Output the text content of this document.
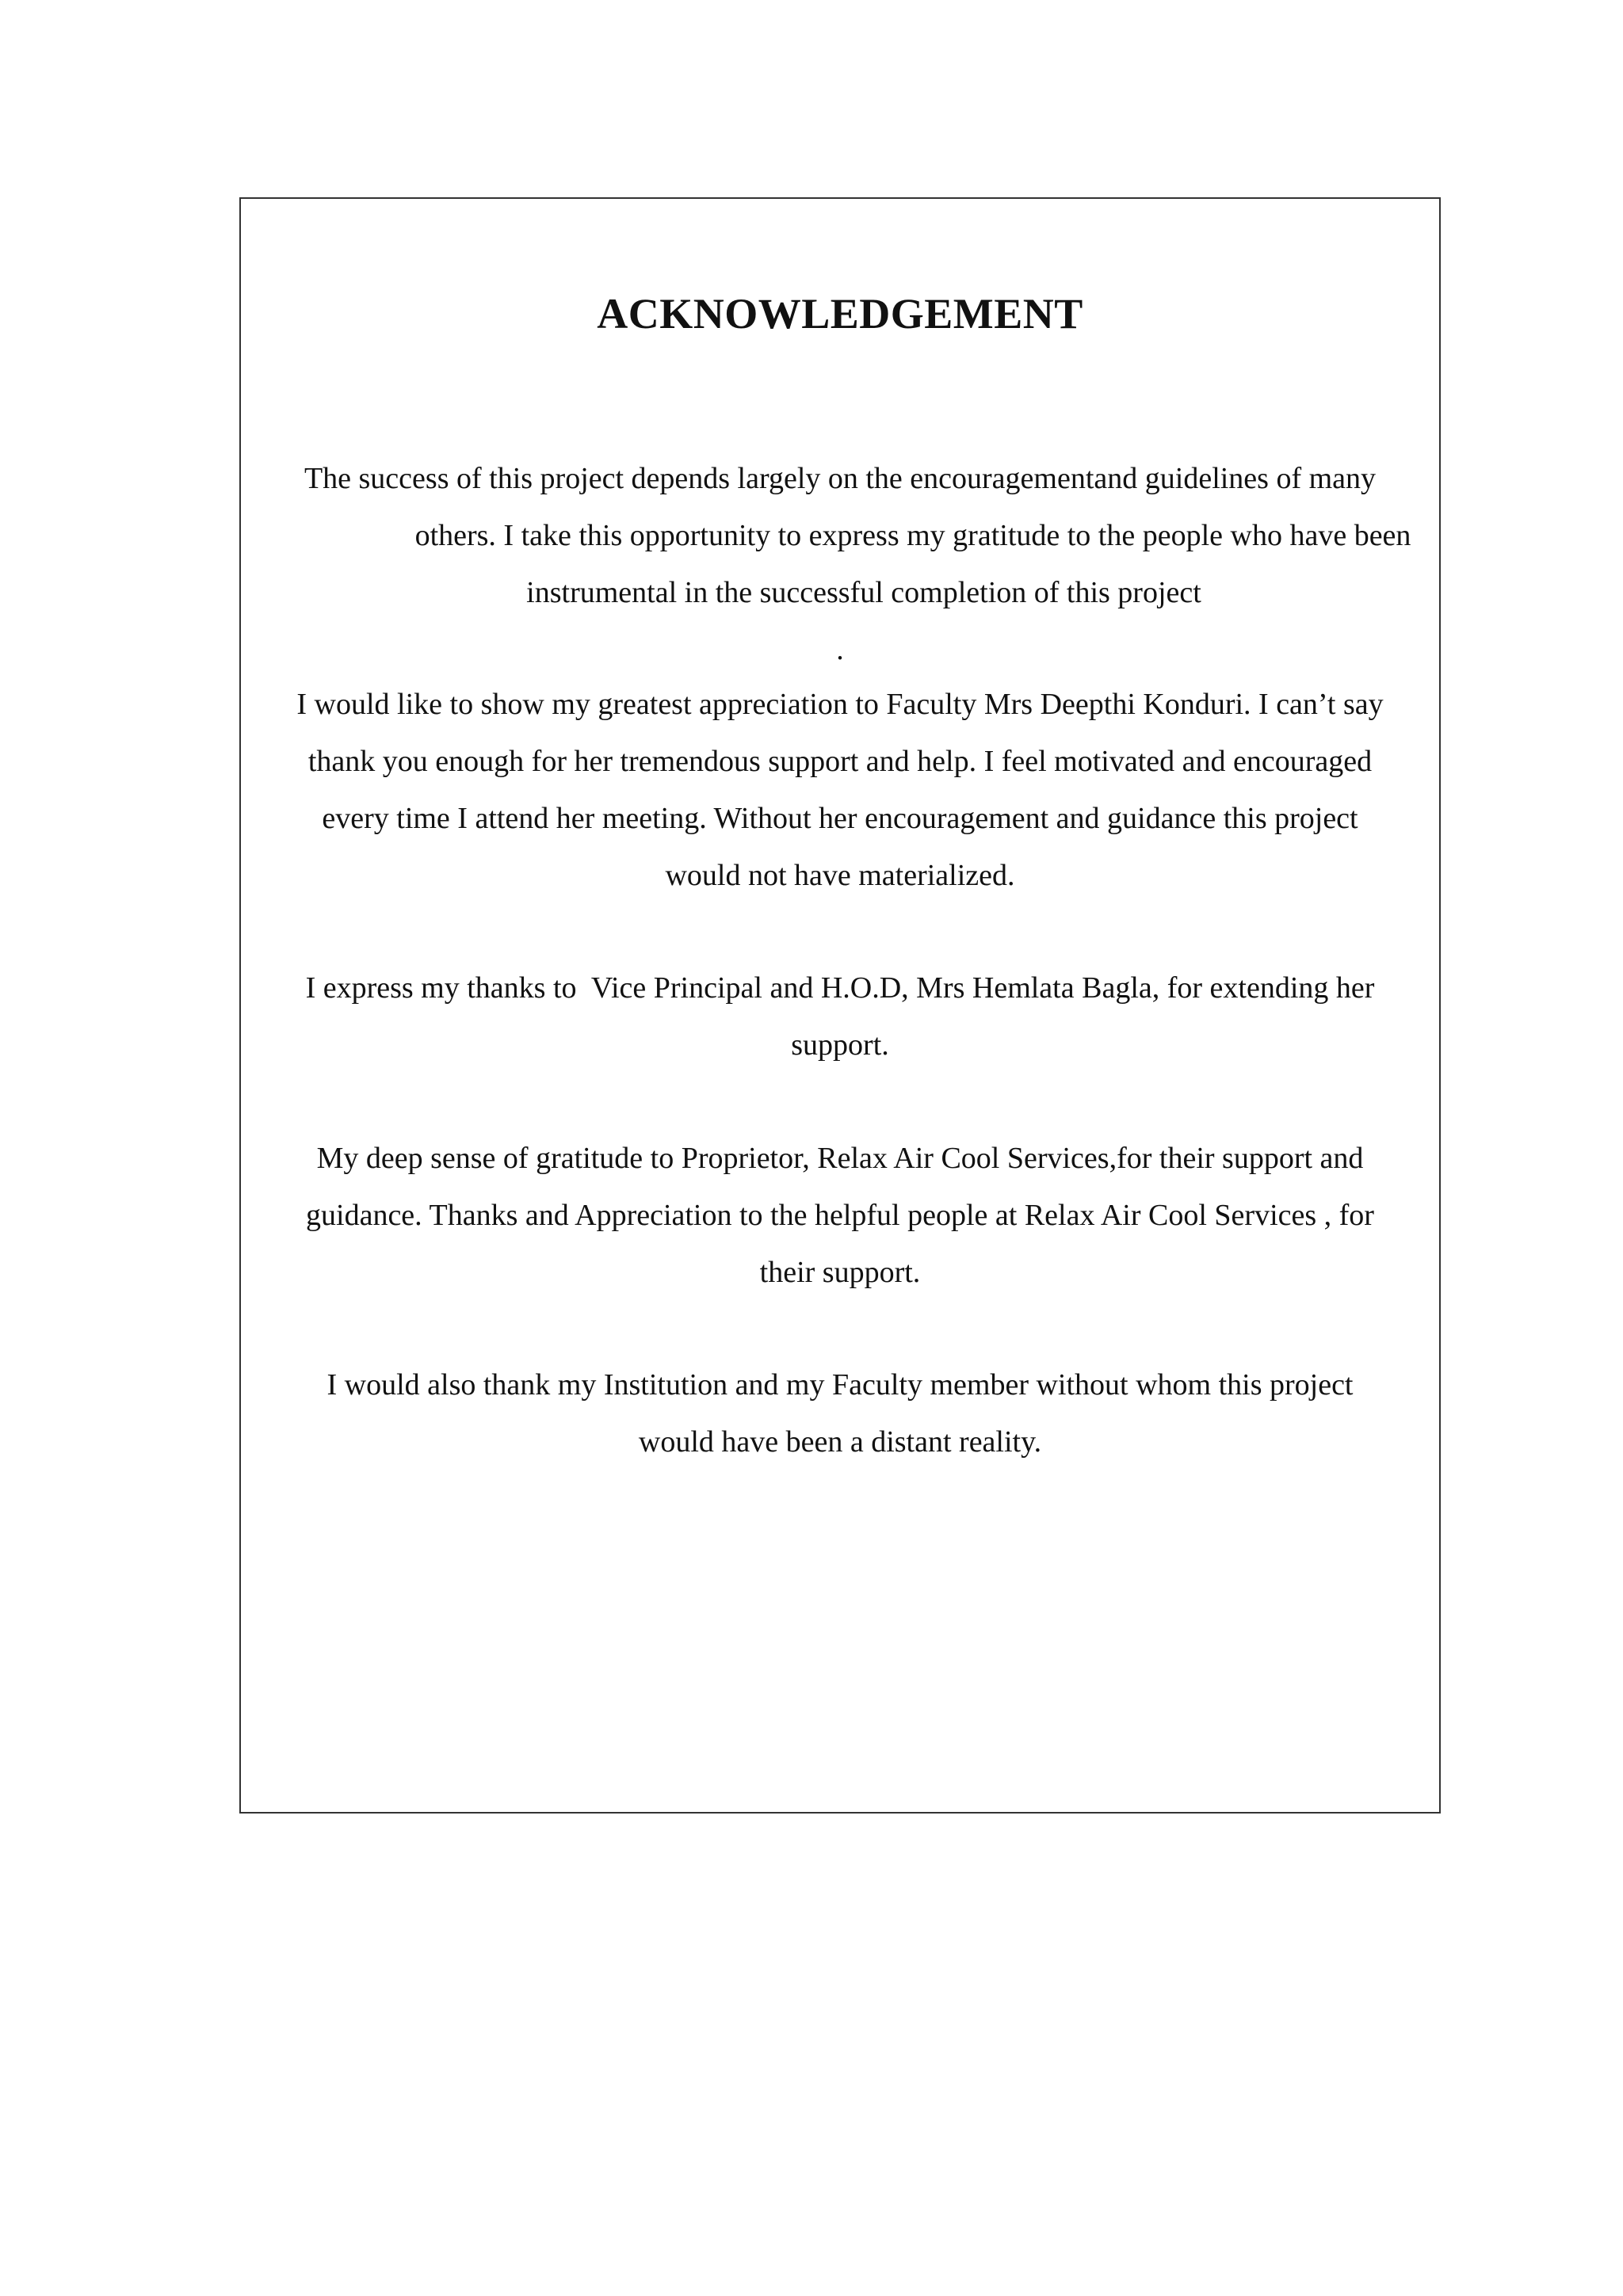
ACKNOWLEDGEMENT
The success of this project depends largely on the encouragementand guidelines of many
others. I take this opportunity to express my gratitude to the people who have been
instrumental in the successful completion of this project
.
I would like to show my greatest appreciation to Faculty Mrs Deepthi Konduri. I can’t say
thank you enough for her tremendous support and help. I feel motivated and encouraged
every time I attend her meeting. Without her encouragement and guidance this project
would not have materialized.
I express my thanks to  Vice Principal and H.O.D, Mrs Hemlata Bagla, for extending her
support.
My deep sense of gratitude to Proprietor, Relax Air Cool Services,for their support and
guidance. Thanks and Appreciation to the helpful people at Relax Air Cool Services , for
their support.
I would also thank my Institution and my Faculty member without whom this project
would have been a distant reality.
